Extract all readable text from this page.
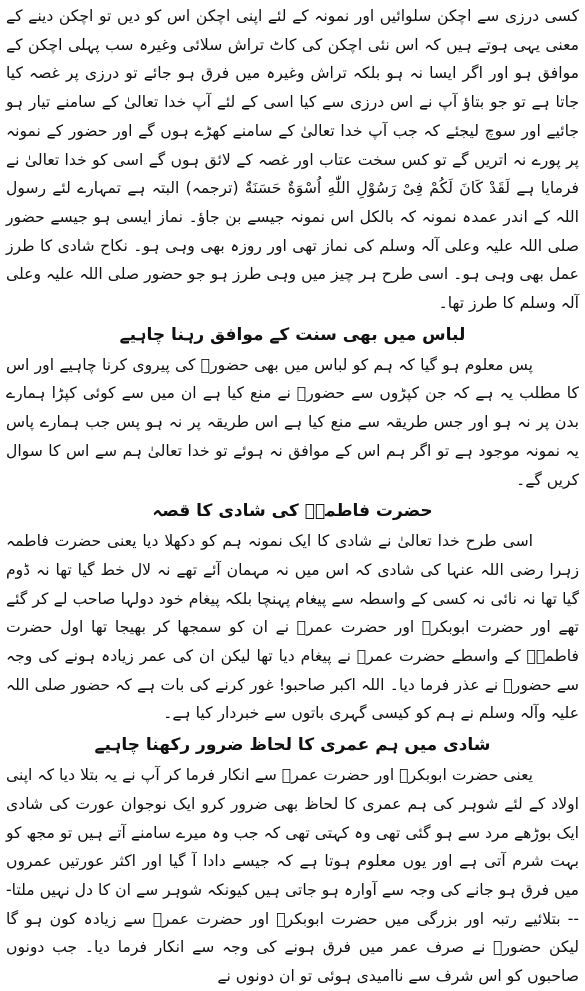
کسی درزی سے اچکن سلوائیں اور نمونہ کے لئے اپنی اچکن اس کو دیں تو اچکن دینے کے معنی یہی ہوتے ہیں کہ اس نئی اچکن کی کاٹ تراش سلائی وغیرہ سب پہلی اچکن کے موافق ہو اور اگر ایسا نہ ہو بلکہ تراش وغیرہ میں فرق ہو جائے تو درزی پر غصہ کیا جاتا ہے تو جو بتاؤ آپ نے اس درزی سے کیا اسی کے لئے آپ خدا تعالیٰ کے سامنے تیار ہو جائیے اور سوچ لیجئے کہ جب آپ خدا تعالیٰ کے سامنے کھڑے ہوں گے اور حضور کے نمونہ پر پورے نہ اتریں گے تو کس سخت عتاب اور غصہ کے لائق ہوں گے اسی کو خدا تعالیٰ نے فرمایا ہے لَقَدْ كَانَ لَكُمْ فِىْ رَسُوْلِ اللّٰهِ اُسْوَةٌ حَسَنَةٌ (ترجمہ) البتہ ہے تمہارے لئے رسول اللہ کے اندر عمدہ نمونہ کہ بالکل اس نمونہ جیسے بن جاؤ۔ نماز ایسی ہو جیسے حضور صلی اللہ علیہ وعلی آلہ وسلم کی نماز تھی اور روزہ بھی وہی ہو۔ نکاح شادی کا طرز عمل بھی وہی ہو۔ اسی طرح ہر چیز میں وہی طرز ہو جو حضور صلی اللہ علیہ وعلی آلہ وسلم کا طرز تھا۔

لباس میں بھی سنت کے موافق رہنا چاہیے

پس معلوم ہو گیا کہ ہم کو لباس میں بھی حضورؐ کی پیروی کرنا چاہیے اور اس کا مطلب یہ ہے کہ جن کپڑوں سے حضورؐ نے منع کیا ہے ان میں سے کوئی کپڑا ہمارے بدن پر نہ ہو اور جس طریقہ سے منع کیا ہے اس طریقہ پر نہ ہو پس جب ہمارے پاس یہ نمونہ موجود ہے تو اگر ہم اس کے موافق نہ ہوئے تو خدا تعالیٰ ہم سے اس کا سوال کریں گے۔

حضرت فاطمہؓ کی شادی کا قصہ

اسی طرح خدا تعالیٰ نے شادی کا ایک نمونہ ہم کو دکھلا دیا یعنی حضرت فاطمہ زہرا رضی اللہ عنہا کی شادی کہ اس میں نہ مہمان آئے تھے نہ لال خط گیا تھا نہ ڈوم گیا تھا نہ نائی نہ کسی کے واسطہ سے پیغام پہنچا بلکہ پیغام خود دولہا صاحب لے کر گئے تھے اور حضرت ابوبکرؓ اور حضرت عمرؓ نے ان کو سمجھا کر بھیجا تھا اول حضرت فاطمہؓ کے واسطے حضرت عمرؓ نے پیغام دیا تھا لیکن ان کی عمر زیادہ ہونے کی وجہ سے حضورؐ نے عذر فرما دیا۔ اللہ اکبر صاحبو! غور کرنے کی بات ہے کہ حضور صلی اللہ علیہ وآلہ وسلم نے ہم کو کیسی گہری باتوں سے خبردار کیا ہے۔

شادی میں ہم عمری کا لحاظ ضرور رکھنا چاہیے

یعنی حضرت ابوبکرؓ اور حضرت عمرؓ سے انکار فرما کر آپ نے یہ بتلا دیا کہ اپنی اولاد کے لئے شوہر کی ہم عمری کا لحاظ بھی ضرور کرو ایک نوجوان عورت کی شادی ایک بوڑھے مرد سے ہو گئی تھی وہ کہتی تھی کہ جب وہ میرے سامنے آتے ہیں تو مجھ کو بہت شرم آتی ہے اور یوں معلوم ہوتا ہے کہ جیسے دادا آ گیا اور اکثر عورتیں عمروں میں فرق ہو جانے کی وجہ سے آوارہ ہو جاتی ہیں کیونکہ شوہر سے ان کا دل نہیں ملتا--- بتلائیے رتبہ اور بزرگی میں حضرت ابوبکرؓ اور حضرت عمرؓ سے زیادہ کون ہو گا لیکن حضورؐ نے صرف عمر میں فرق ہونے کی وجہ سے انکار فرما دیا۔ جب دونوں صاحبوں کو اس شرف سے ناامیدی ہوئی تو ان دونوں نے
